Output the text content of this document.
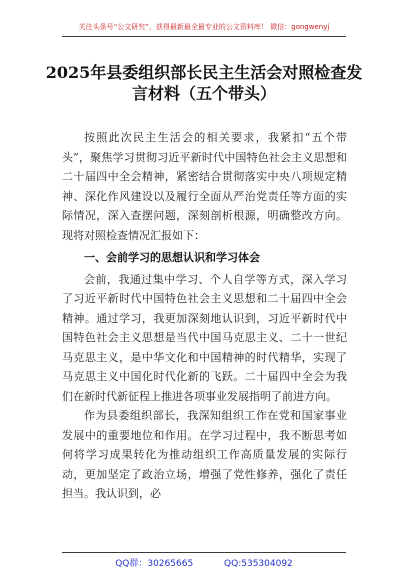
关注头条号“公文研究”，获得最新最全最专业的公文资料库！ 微信：gongwenyj
2025年县委组织部长民主生活会对照检查发言材料（五个带头）

按照此次民主生活会的相关要求，我紧扣“五个带头”，聚焦学习贯彻习近平新时代中国特色社会主义思想和二十届四中全会精神，紧密结合贯彻落实中央八项规定精神、深化作风建设以及履行全面从严治党责任等方面的实际情况，深入查摆问题，深刻剖析根源，明确整改方向。现将对照检查情况汇报如下：

一、会前学习的思想认识和学习体会

会前，我通过集中学习、个人自学等方式，深入学习了习近平新时代中国特色社会主义思想和二十届四中全会精神。通过学习，我更加深刻地认识到，习近平新时代中国特色社会主义思想是当代中国马克思主义、二十一世纪马克思主义，是中华文化和中国精神的时代精华，实现了马克思主义中国化时代化新的飞跃。二十届四中全会为我们在新时代新征程上推进各项事业发展指明了前进方向。

作为县委组织部长，我深知组织工作在党和国家事业发展中的重要地位和作用。在学习过程中，我不断思考如何将学习成果转化为推动组织工作高质量发展的实际行动，更加坚定了政治立场，增强了党性修养，强化了责任担当。我认识到，必

QQ群：30265665	QQ:535304092
